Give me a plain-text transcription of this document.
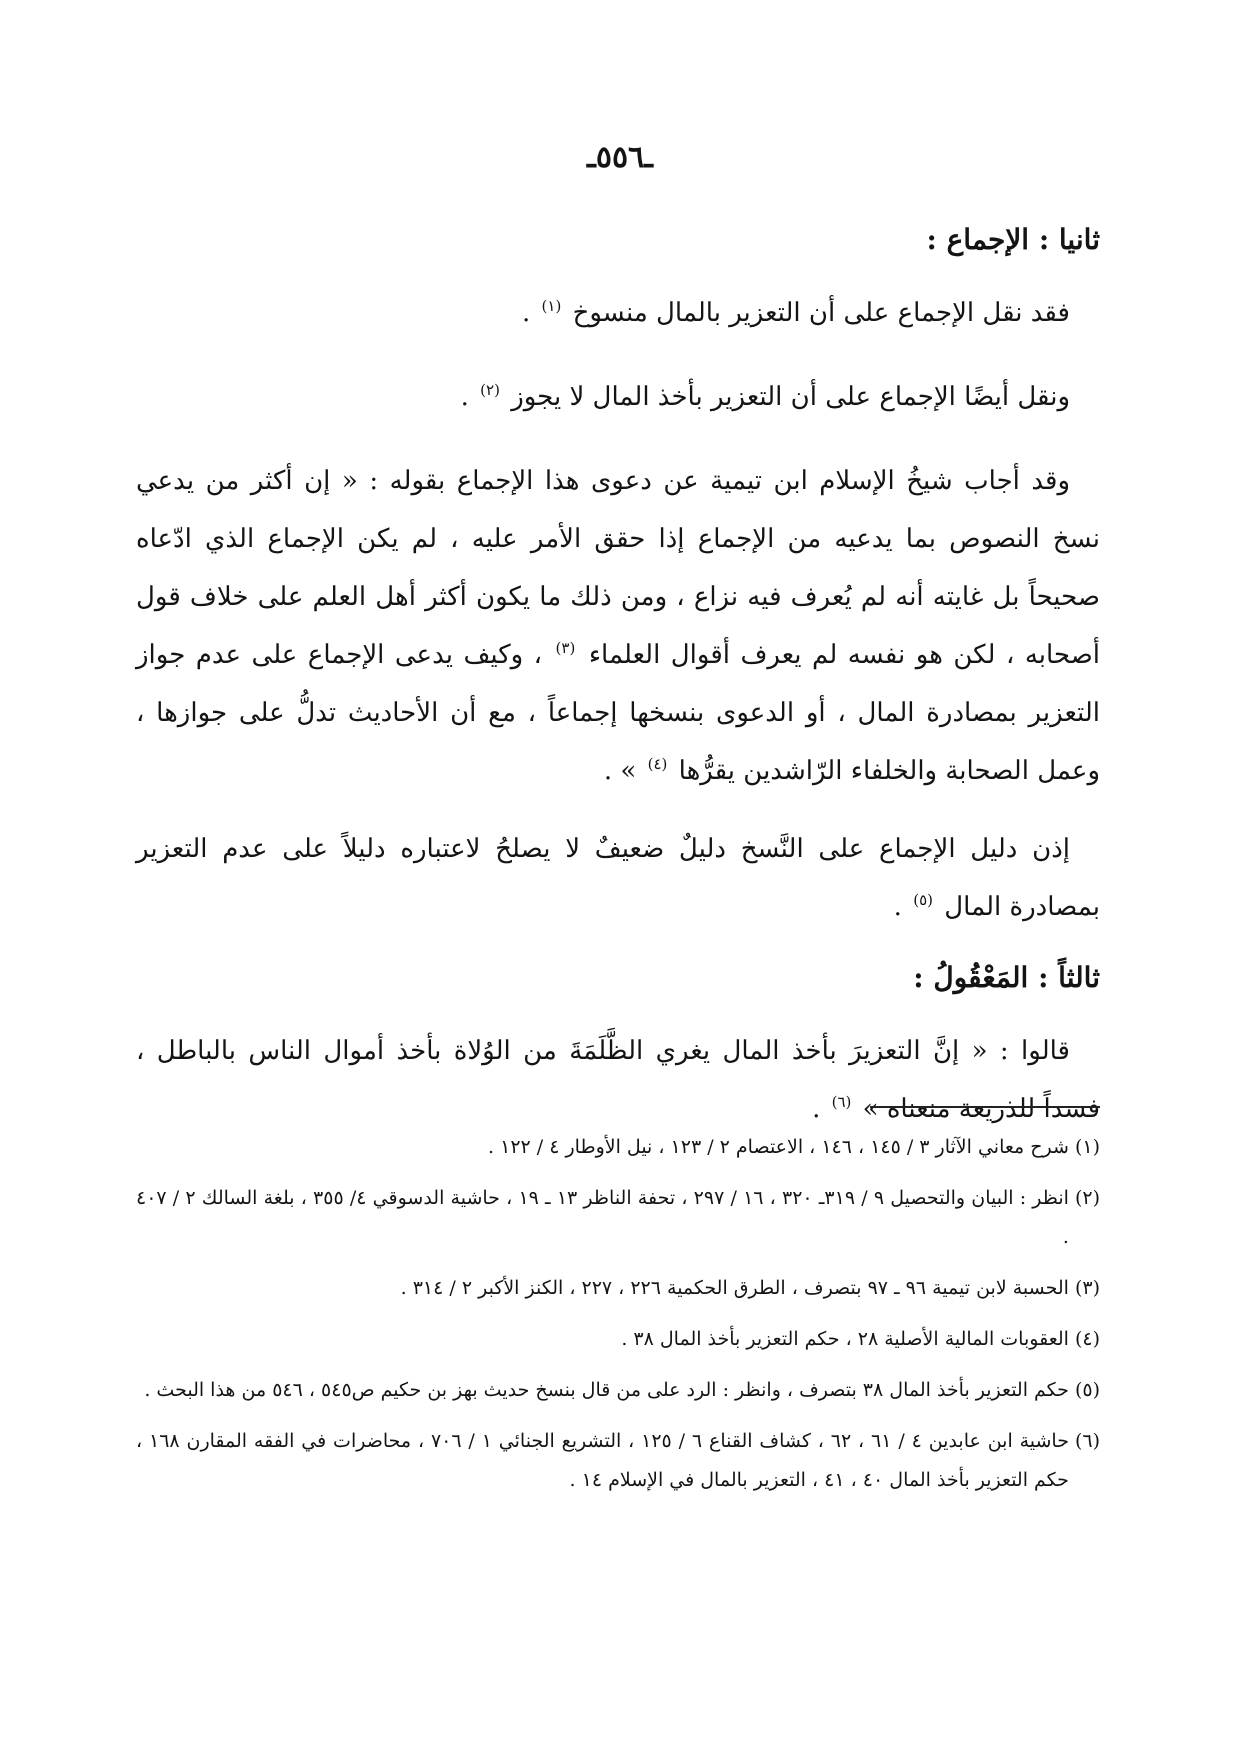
ـ٥٥٦ـ
ثانيا : الإجماع :

فقد نقل الإجماع على أن التعزير بالمال منسوخ $^{(١)}$ .

ونقل أيضًا الإجماع على أن التعزير بأخذ المال لا يجوز $^{(٢)}$ .

وقد أجاب شيخُ الإسلام ابن تيمية عن دعوى هذا الإجماع بقوله : « إن أكثر من يدعي نسخ النصوص بما يدعيه من الإجماع إذا حقق الأمر عليه ، لم يكن الإجماع الذي ادّعاه صحيحاً بل غايته أنه لم يُعرف فيه نزاع ، ومن ذلك ما يكون أكثر أهل العلم على خلاف قول أصحابه ، لكن هو نفسه لم يعرف أقوال العلماء $^{(٣)}$ ، وكيف يدعى الإجماع على عدم جواز التعزير بمصادرة المال ، أو الدعوى بنسخها إجماعاً ، مع أن الأحاديث تدلُّ على جوازها ، وعمل الصحابة والخلفاء الرّاشدين يقرُّها $^{(٤)}$ » .

إذن دليل الإجماع على النَّسخ دليلٌ ضعيفٌ لا يصلحُ لاعتباره دليلاً على عدم التعزير بمصادرة المال $^{(٥)}$ .

ثالثاً : المَعْقُولُ :

قالوا : « إنَّ التعزيرَ بأخذ المال يغري الظَّلَمَةَ من الوُلاة بأخذ أموال الناس بالباطل ، فسداً للذريعة منعناه » $^{(٦)}$ .

(١)
شرح معاني الآثار ٣ / ١٤٥ ، ١٤٦ ، الاعتصام ٢ / ١٢٣ ، نيل الأوطار ٤ / ١٢٢ .
(٢)
انظر : البيان والتحصيل ٩ / ٣١٩ـ ٣٢٠ ، ١٦ / ٢٩٧ ، تحفة الناظر ١٣ ـ ١٩ ، حاشية الدسوقي ٤/ ٣٥٥ ، بلغة السالك ٢ / ٤٠٧ .
(٣)
الحسبة لابن تيمية ٩٦ ـ ٩٧ بتصرف ، الطرق الحكمية ٢٢٦ ، ٢٢٧ ، الكنز الأكبر ٢ / ٣١٤ .
(٤)
العقوبات المالية الأصلية ٢٨ ، حكم التعزير بأخذ المال ٣٨ .
(٥)
حكم التعزير بأخذ المال ٣٨ بتصرف ، وانظر : الرد على من قال بنسخ حديث بهز بن حكيم ص٥٤٥ ، ٥٤٦ من هذا البحث .
(٦)
حاشية ابن عابدين ٤ / ٦١ ، ٦٢ ، كشاف القناع ٦ / ١٢٥ ، التشريع الجنائي ١ / ٧٠٦ ، محاضرات في الفقه المقارن ١٦٨ ، حكم التعزير بأخذ المال ٤٠ ، ٤١ ، التعزير بالمال في الإسلام ١٤ .
